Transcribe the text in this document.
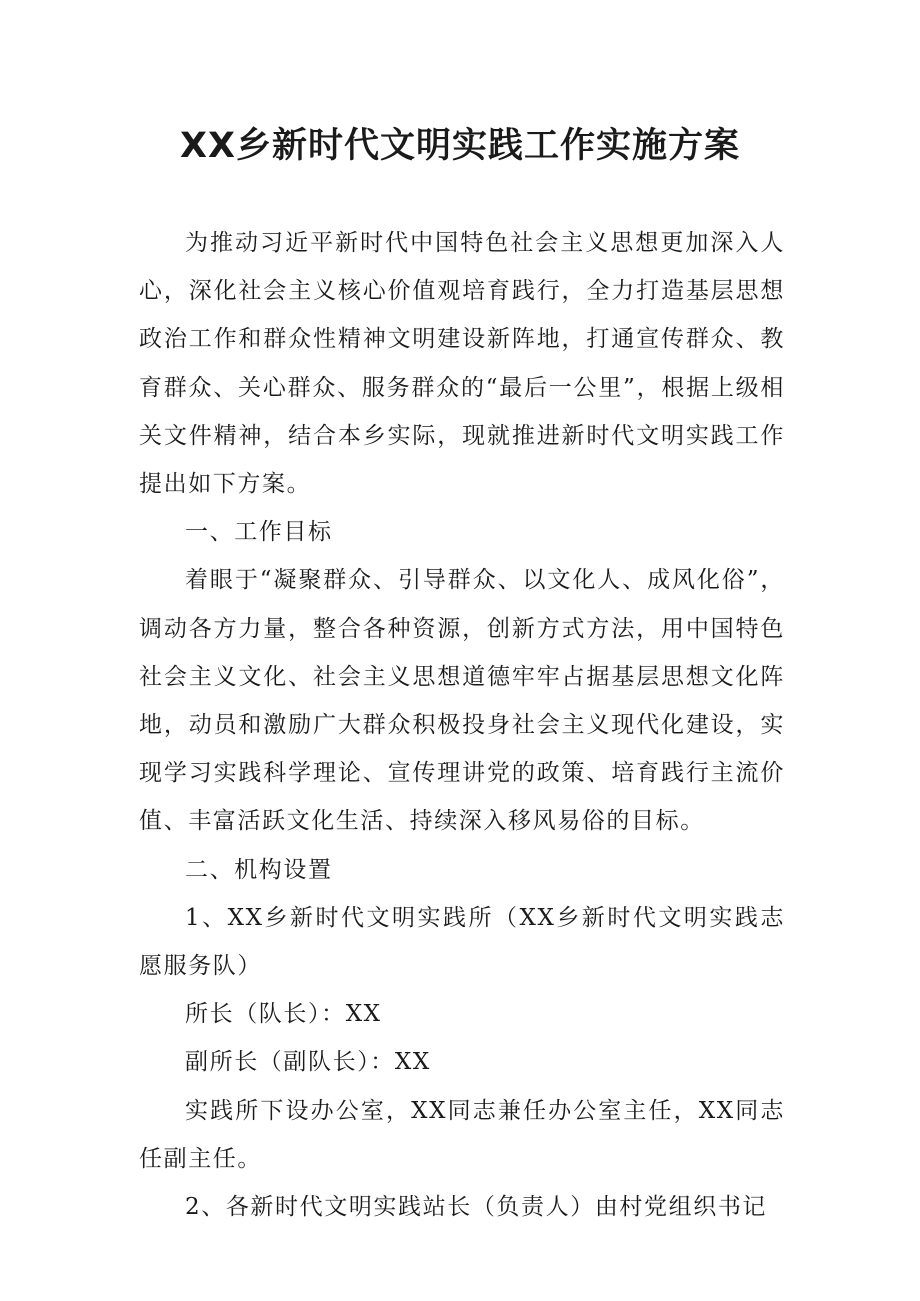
XX乡新时代文明实践工作实施方案

为推动习近平新时代中国特色社会主义思想更加深入人心，深化社会主义核心价值观培育践行，全力打造基层思想政治工作和群众性精神文明建设新阵地，打通宣传群众、教育群众、关心群众、服务群众的“最后一公里”，根据上级相关文件精神，结合本乡实际，现就推进新时代文明实践工作提出如下方案。

一、工作目标

着眼于“凝聚群众、引导群众、以文化人、成风化俗”，调动各方力量，整合各种资源，创新方式方法，用中国特色社会主义文化、社会主义思想道德牢牢占据基层思想文化阵地，动员和激励广大群众积极投身社会主义现代化建设，实现学习实践科学理论、宣传理讲党的政策、培育践行主流价值、丰富活跃文化生活、持续深入移风易俗的目标。

二、机构设置

1、XX乡新时代文明实践所（XX乡新时代文明实践志愿服务队）

所长（队长）：XX

副所长（副队长）：XX

实践所下设办公室，XX同志兼任办公室主任，XX同志任副主任。

2、各新时代文明实践站长（负责人）由村党组织书记
